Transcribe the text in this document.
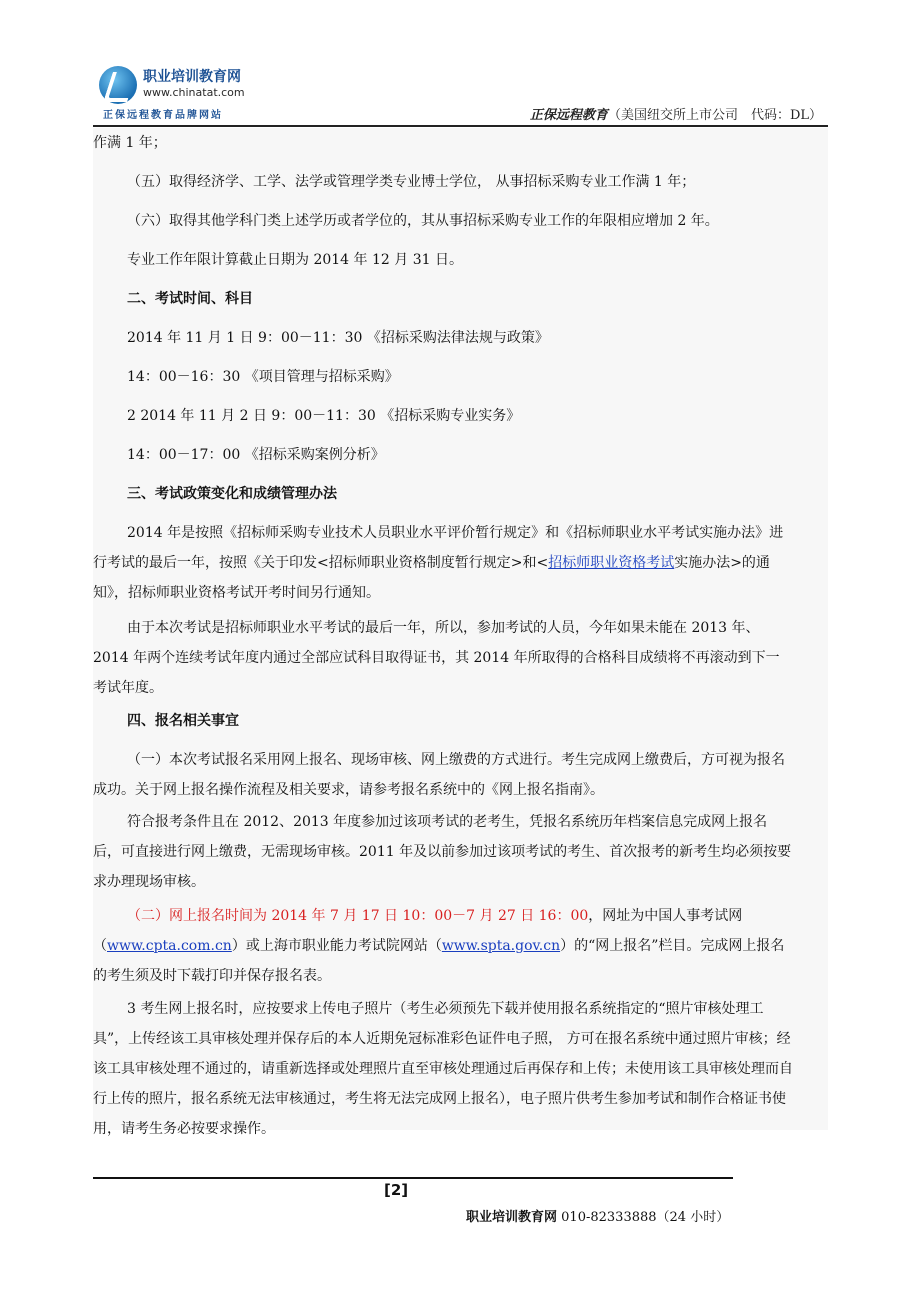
职业培训教育网
www.chinatat.com
正保远程教育品牌网站	正保远程教育（美国纽交所上市公司　代码：DL）

作满 1 年；

（五）取得经济学、工学、法学或管理学类专业博士学位， 从事招标采购专业工作满 1 年；

（六）取得其他学科门类上述学历或者学位的，其从事招标采购专业工作的年限相应增加 2 年。

专业工作年限计算截止日期为 2014 年 12 月 31 日。

二、考试时间、科目

2014 年 11 月 1 日 9：00－11：30 《招标采购法律法规与政策》

14：00－16：30 《项目管理与招标采购》

2 2014 年 11 月 2 日 9：00－11：30 《招标采购专业实务》

14：00－17：00 《招标采购案例分析》

三、考试政策变化和成绩管理办法

2014 年是按照《招标师采购专业技术人员职业水平评价暂行规定》和《招标师职业水平考试实施办法》进行考试的最后一年，按照《关于印发<招标师职业资格制度暂行规定>和<招标师职业资格考试实施办法>的通知》，招标师职业资格考试开考时间另行通知。

由于本次考试是招标师职业水平考试的最后一年，所以，参加考试的人员，今年如果未能在 2013 年、2014 年两个连续考试年度内通过全部应试科目取得证书，其 2014 年所取得的合格科目成绩将不再滚动到下一考试年度。

四、报名相关事宜

（一）本次考试报名采用网上报名、现场审核、网上缴费的方式进行。考生完成网上缴费后，方可视为报名成功。关于网上报名操作流程及相关要求，请参考报名系统中的《网上报名指南》。

符合报考条件且在 2012、2013 年度参加过该项考试的老考生，凭报名系统历年档案信息完成网上报名后，可直接进行网上缴费，无需现场审核。2011 年及以前参加过该项考试的考生、首次报考的新考生均必须按要求办理现场审核。

（二）网上报名时间为 2014 年 7 月 17 日 10：00－7 月 27 日 16：00，网址为中国人事考试网（www.cpta.com.cn）或上海市职业能力考试院网站（www.spta.gov.cn）的“网上报名”栏目。完成网上报名的考生须及时下载打印并保存报名表。

3 考生网上报名时，应按要求上传电子照片（考生必须预先下载并使用报名系统指定的“照片审核处理工具”，上传经该工具审核处理并保存后的本人近期免冠标准彩色证件电子照， 方可在报名系统中通过照片审核；经该工具审核处理不通过的，请重新选择或处理照片直至审核处理通过后再保存和上传；未使用该工具审核处理而自行上传的照片，报名系统无法审核通过，考生将无法完成网上报名），电子照片供考生参加考试和制作合格证书使用，请考生务必按要求操作。

[2]
职业培训教育网 010-82333888（24 小时）
